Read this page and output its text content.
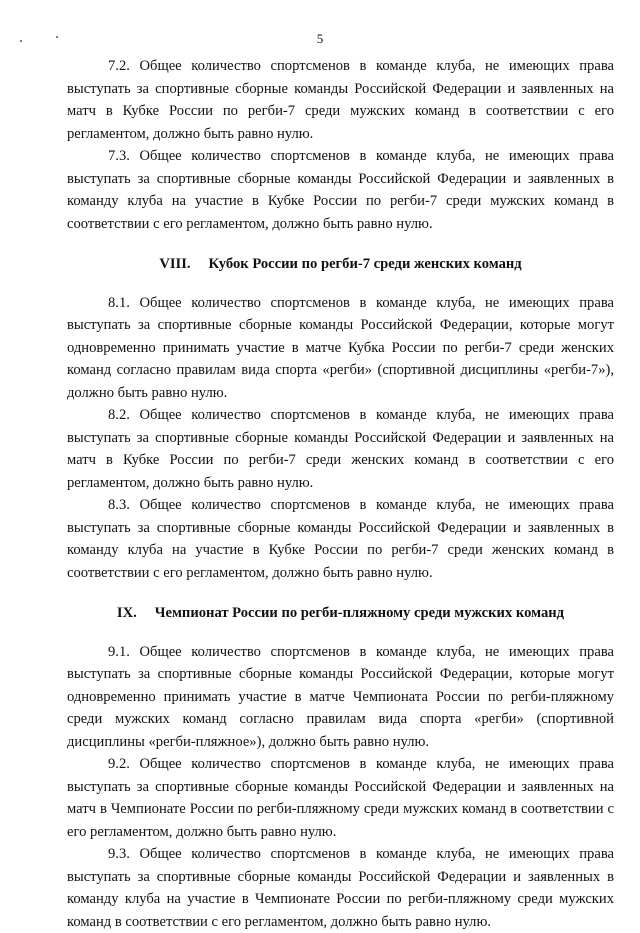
5

7.2. Общее количество спортсменов в команде клуба, не имеющих права выступать за спортивные сборные команды Российской Федерации и заявленных на матч в Кубке России по регби-7 среди мужских команд в соответствии с его регламентом, должно быть равно нулю.

7.3. Общее количество спортсменов в команде клуба, не имеющих права выступать за спортивные сборные команды Российской Федерации и заявленных в команду клуба на участие в Кубке России по регби-7 среди мужских команд в соответствии с его регламентом, должно быть равно нулю.

VIII. Кубок России по регби-7 среди женских команд

8.1. Общее количество спортсменов в команде клуба, не имеющих права выступать за спортивные сборные команды Российской Федерации, которые могут одновременно принимать участие в матче Кубка России по регби-7 среди женских команд согласно правилам вида спорта «регби» (спортивной дисциплины «регби-7»), должно быть равно нулю.

8.2. Общее количество спортсменов в команде клуба, не имеющих права выступать за спортивные сборные команды Российской Федерации и заявленных на матч в Кубке России по регби-7 среди женских команд в соответствии с его регламентом, должно быть равно нулю.

8.3. Общее количество спортсменов в команде клуба, не имеющих права выступать за спортивные сборные команды Российской Федерации и заявленных в команду клуба на участие в Кубке России по регби-7 среди женских команд в соответствии с его регламентом, должно быть равно нулю.

IX. Чемпионат России по регби-пляжному среди мужских команд

9.1. Общее количество спортсменов в команде клуба, не имеющих права выступать за спортивные сборные команды Российской Федерации, которые могут одновременно принимать участие в матче Чемпионата России по регби-пляжному среди мужских команд согласно правилам вида спорта «регби» (спортивной дисциплины «регби-пляжное»), должно быть равно нулю.

9.2. Общее количество спортсменов в команде клуба, не имеющих права выступать за спортивные сборные команды Российской Федерации и заявленных на матч в Чемпионате России по регби-пляжному среди мужских команд в соответствии с его регламентом, должно быть равно нулю.

9.3. Общее количество спортсменов в команде клуба, не имеющих права выступать за спортивные сборные команды Российской Федерации и заявленных в команду клуба на участие в Чемпионате России по регби-пляжному среди мужских команд в соответствии с его регламентом, должно быть равно нулю.
